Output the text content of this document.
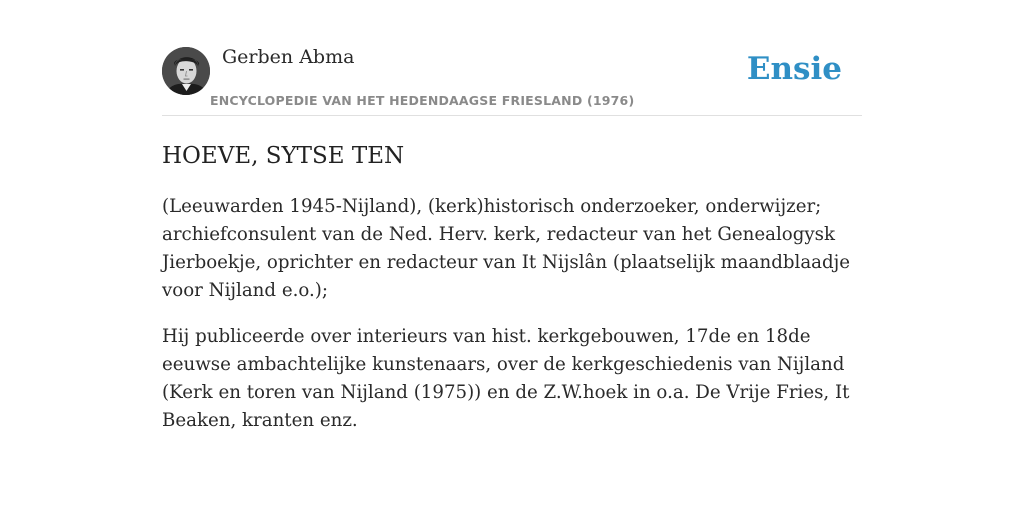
Gerben Abma
ENCYCLOPEDIE VAN HET HEDENDAAGSE FRIESLAND (1976)
Ensie
HOEVE, SYTSE TEN

(Leeuwarden 1945-Nijland), (kerk)historisch onderzoeker, onderwijzer; archiefconsulent van de Ned. Herv. kerk, redacteur van het Genealogysk Jierboekje, oprichter en redacteur van It Nijslân (plaatselijk maandblaadje voor Nijland e.o.);

Hij publiceerde over interieurs van hist. kerkgebouwen, 17de en 18de eeuwse ambachtelijke kunstenaars, over de kerkgeschiedenis van Nijland (Kerk en toren van Nijland (1975)) en de Z.W.hoek in o.a. De Vrije Fries, It Beaken, kranten enz.
